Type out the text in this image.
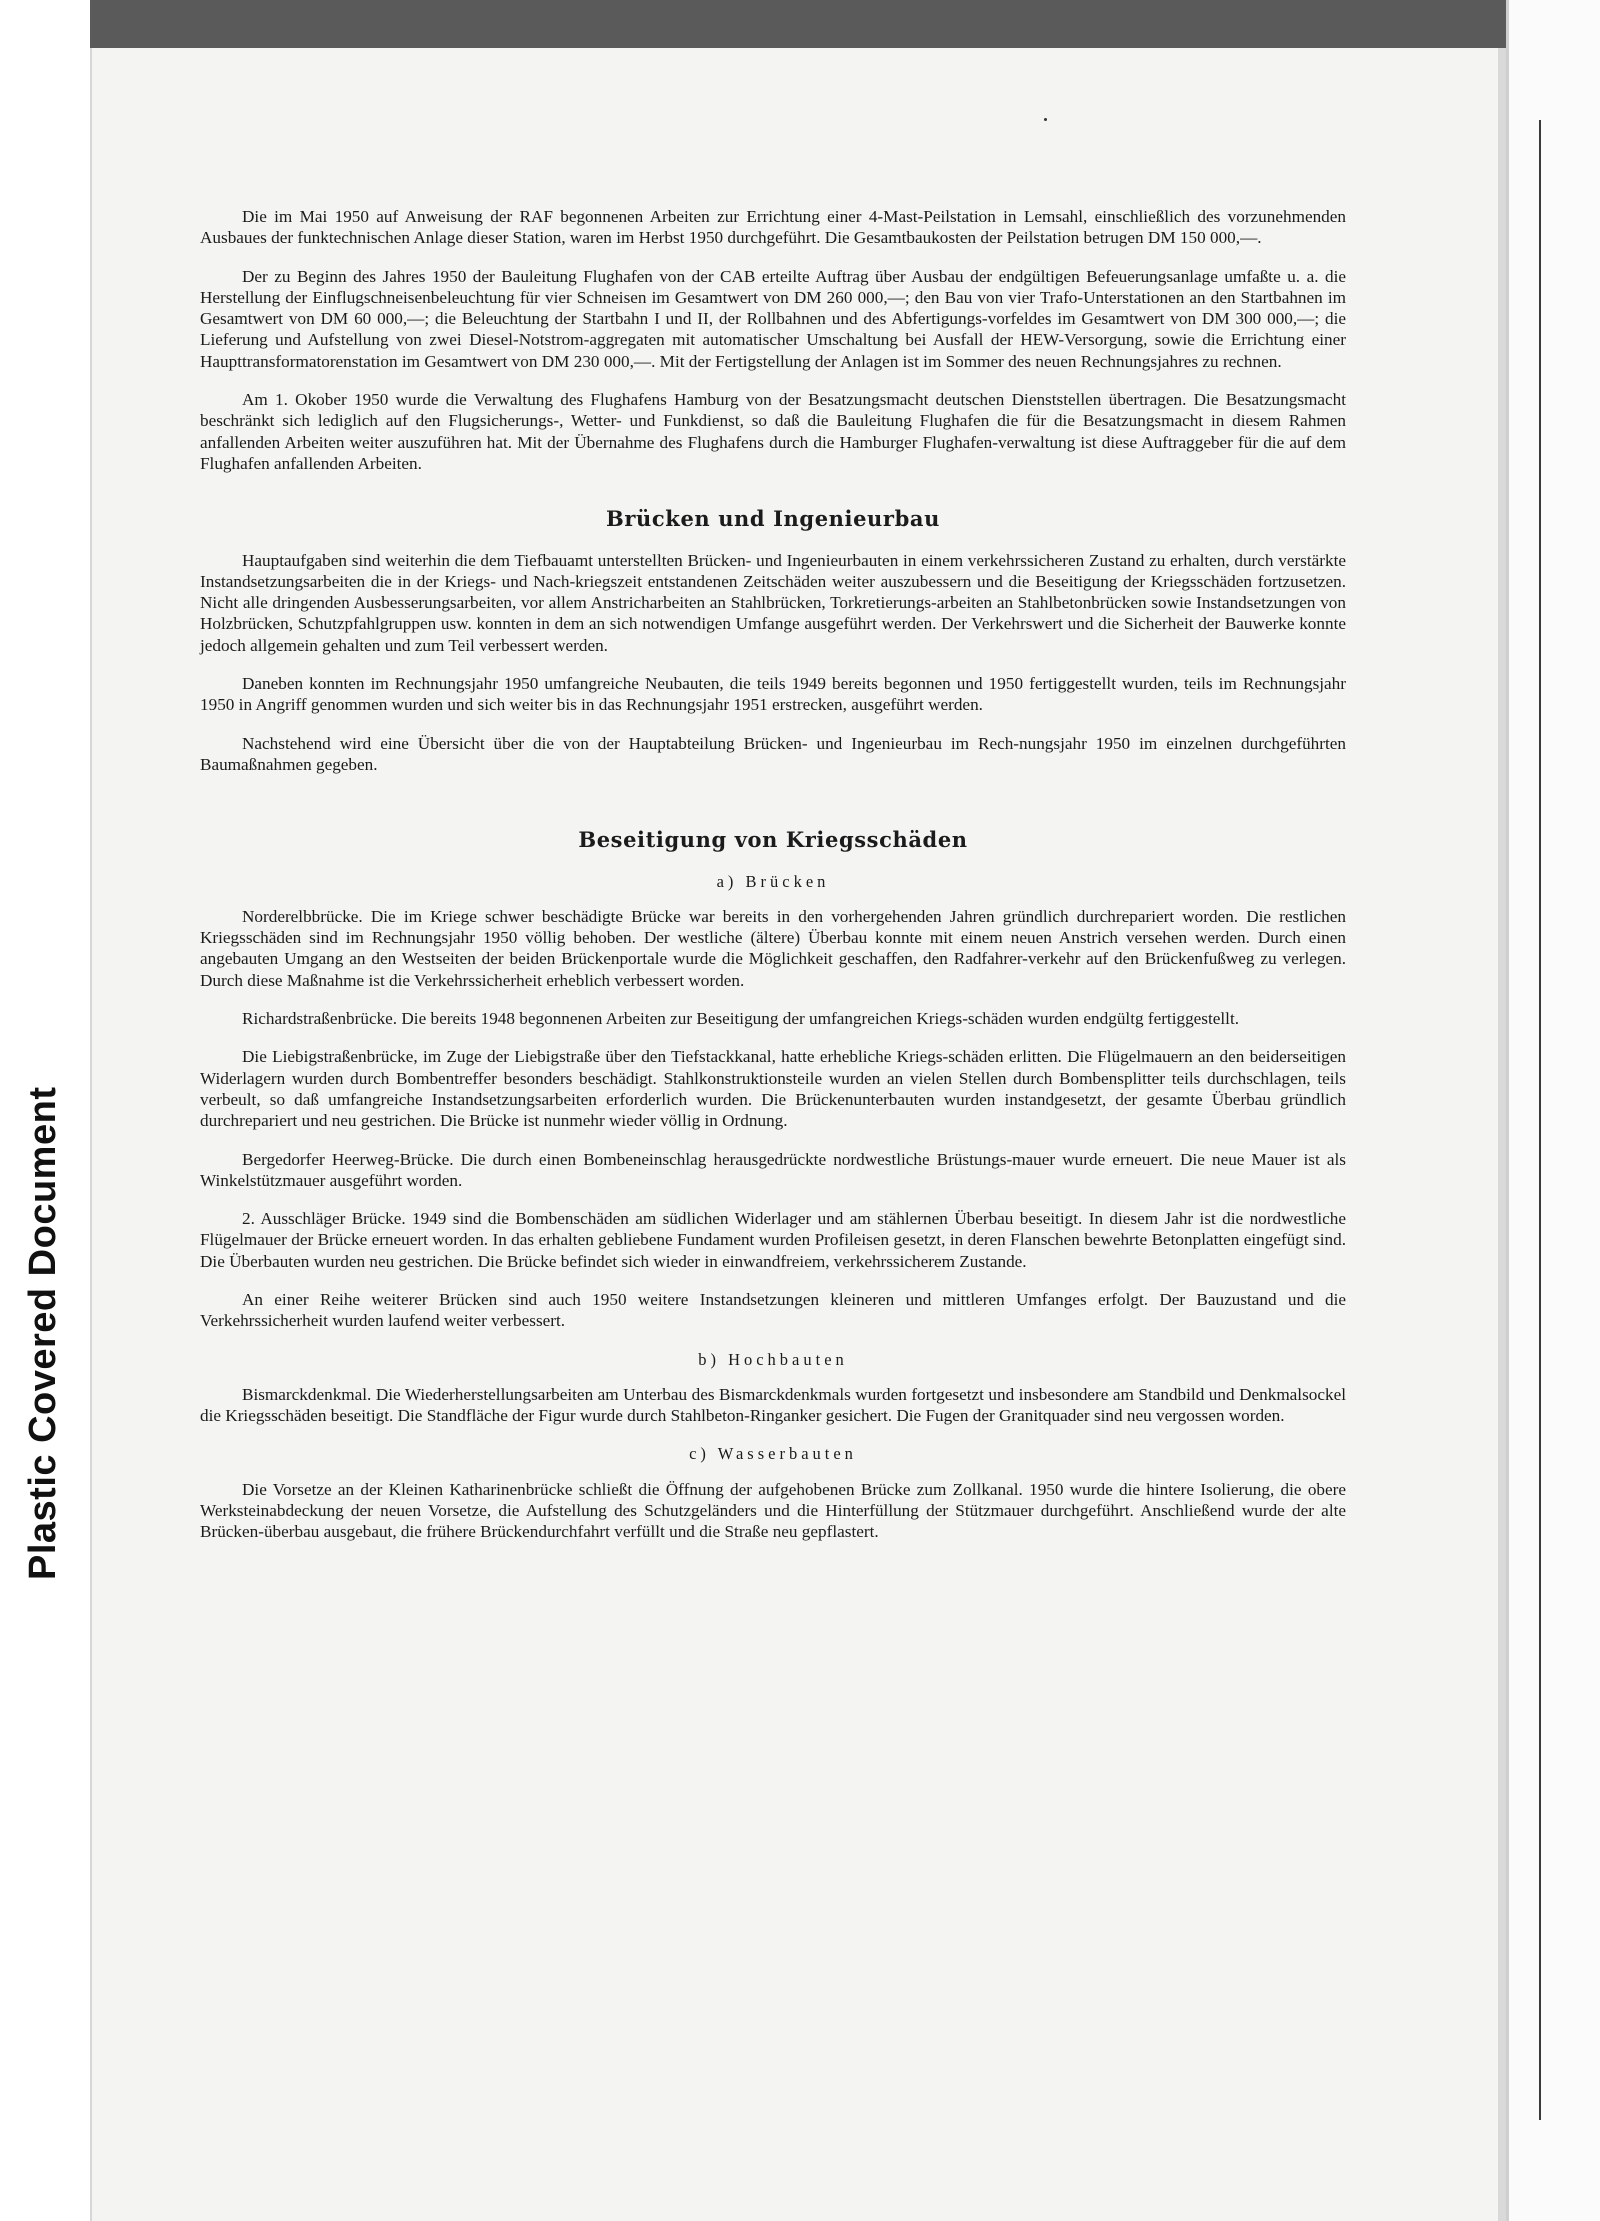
Plastic Covered Document

Die im Mai 1950 auf Anweisung der RAF begonnenen Arbeiten zur Errichtung einer 4-Mast-Peilstation in Lemsahl, einschließlich des vorzunehmenden Ausbaues der funktechnischen Anlage dieser Station, waren im Herbst 1950 durchgeführt. Die Gesamtbaukosten der Peilstation betrugen DM 150 000,—.

Der zu Beginn des Jahres 1950 der Bauleitung Flughafen von der CAB erteilte Auftrag über Ausbau der endgültigen Befeuerungsanlage umfaßte u. a. die Herstellung der Einflugschneisenbeleuchtung für vier Schneisen im Gesamtwert von DM 260 000,—; den Bau von vier Trafo-Unterstationen an den Startbahnen im Gesamtwert von DM 60 000,—; die Beleuchtung der Startbahn I und II, der Rollbahnen und des Abfertigungs-vorfeldes im Gesamtwert von DM 300 000,—; die Lieferung und Aufstellung von zwei Diesel-Notstrom-aggregaten mit automatischer Umschaltung bei Ausfall der HEW-Versorgung, sowie die Errichtung einer Haupttransformatorenstation im Gesamtwert von DM 230 000,—. Mit der Fertigstellung der Anlagen ist im Sommer des neuen Rechnungsjahres zu rechnen.

Am 1. Okober 1950 wurde die Verwaltung des Flughafens Hamburg von der Besatzungsmacht deutschen Dienststellen übertragen. Die Besatzungsmacht beschränkt sich lediglich auf den Flugsicherungs-, Wetter- und Funkdienst, so daß die Bauleitung Flughafen die für die Besatzungsmacht in diesem Rahmen anfallenden Arbeiten weiter auszuführen hat. Mit der Übernahme des Flughafens durch die Hamburger Flughafen-verwaltung ist diese Auftraggeber für die auf dem Flughafen anfallenden Arbeiten.

Brücken und Ingenieurbau

Hauptaufgaben sind weiterhin die dem Tiefbauamt unterstellten Brücken- und Ingenieurbauten in einem verkehrssicheren Zustand zu erhalten, durch verstärkte Instandsetzungsarbeiten die in der Kriegs- und Nach-kriegszeit entstandenen Zeitschäden weiter auszubessern und die Beseitigung der Kriegsschäden fortzusetzen. Nicht alle dringenden Ausbesserungsarbeiten, vor allem Anstricharbeiten an Stahlbrücken, Torkretierungs-arbeiten an Stahlbetonbrücken sowie Instandsetzungen von Holzbrücken, Schutzpfahlgruppen usw. konnten in dem an sich notwendigen Umfange ausgeführt werden. Der Verkehrswert und die Sicherheit der Bauwerke konnte jedoch allgemein gehalten und zum Teil verbessert werden.

Daneben konnten im Rechnungsjahr 1950 umfangreiche Neubauten, die teils 1949 bereits begonnen und 1950 fertiggestellt wurden, teils im Rechnungsjahr 1950 in Angriff genommen wurden und sich weiter bis in das Rechnungsjahr 1951 erstrecken, ausgeführt werden.

Nachstehend wird eine Übersicht über die von der Hauptabteilung Brücken- und Ingenieurbau im Rech-nungsjahr 1950 im einzelnen durchgeführten Baumaßnahmen gegeben.

Beseitigung von Kriegsschäden
a) Brücken

Norderelbbrücke. Die im Kriege schwer beschädigte Brücke war bereits in den vorhergehenden Jahren gründlich durchrepariert worden. Die restlichen Kriegsschäden sind im Rechnungsjahr 1950 völlig behoben. Der westliche (ältere) Überbau konnte mit einem neuen Anstrich versehen werden. Durch einen angebauten Umgang an den Westseiten der beiden Brückenportale wurde die Möglichkeit geschaffen, den Radfahrer-verkehr auf den Brückenfußweg zu verlegen. Durch diese Maßnahme ist die Verkehrssicherheit erheblich verbessert worden.

Richardstraßenbrücke. Die bereits 1948 begonnenen Arbeiten zur Beseitigung der umfangreichen Kriegs-schäden wurden endgültg fertiggestellt.

Die Liebigstraßenbrücke, im Zuge der Liebigstraße über den Tiefstackkanal, hatte erhebliche Kriegs-schäden erlitten. Die Flügelmauern an den beiderseitigen Widerlagern wurden durch Bombentreffer besonders beschädigt. Stahlkonstruktionsteile wurden an vielen Stellen durch Bombensplitter teils durchschlagen, teils verbeult, so daß umfangreiche Instandsetzungsarbeiten erforderlich wurden. Die Brückenunterbauten wurden instandgesetzt, der gesamte Überbau gründlich durchrepariert und neu gestrichen. Die Brücke ist nunmehr wieder völlig in Ordnung.

Bergedorfer Heerweg-Brücke. Die durch einen Bombeneinschlag herausgedrückte nordwestliche Brüstungs-mauer wurde erneuert. Die neue Mauer ist als Winkelstützmauer ausgeführt worden.

2. Ausschläger Brücke. 1949 sind die Bombenschäden am südlichen Widerlager und am stählernen Überbau beseitigt. In diesem Jahr ist die nordwestliche Flügelmauer der Brücke erneuert worden. In das erhalten gebliebene Fundament wurden Profileisen gesetzt, in deren Flanschen bewehrte Betonplatten eingefügt sind. Die Überbauten wurden neu gestrichen. Die Brücke befindet sich wieder in einwandfreiem, verkehrssicherem Zustande.

An einer Reihe weiterer Brücken sind auch 1950 weitere Instandsetzungen kleineren und mittleren Umfanges erfolgt. Der Bauzustand und die Verkehrssicherheit wurden laufend weiter verbessert.

b) Hochbauten

Bismarckdenkmal. Die Wiederherstellungsarbeiten am Unterbau des Bismarckdenkmals wurden fortgesetzt und insbesondere am Standbild und Denkmalsockel die Kriegsschäden beseitigt. Die Standfläche der Figur wurde durch Stahlbeton-Ringanker gesichert. Die Fugen der Granitquader sind neu vergossen worden.

c) Wasserbauten

Die Vorsetze an der Kleinen Katharinenbrücke schließt die Öffnung der aufgehobenen Brücke zum Zollkanal. 1950 wurde die hintere Isolierung, die obere Werksteinabdeckung der neuen Vorsetze, die Aufstellung des Schutzgeländers und die Hinterfüllung der Stützmauer durchgeführt. Anschließend wurde der alte Brücken-überbau ausgebaut, die frühere Brückendurchfahrt verfüllt und die Straße neu gepflastert.
